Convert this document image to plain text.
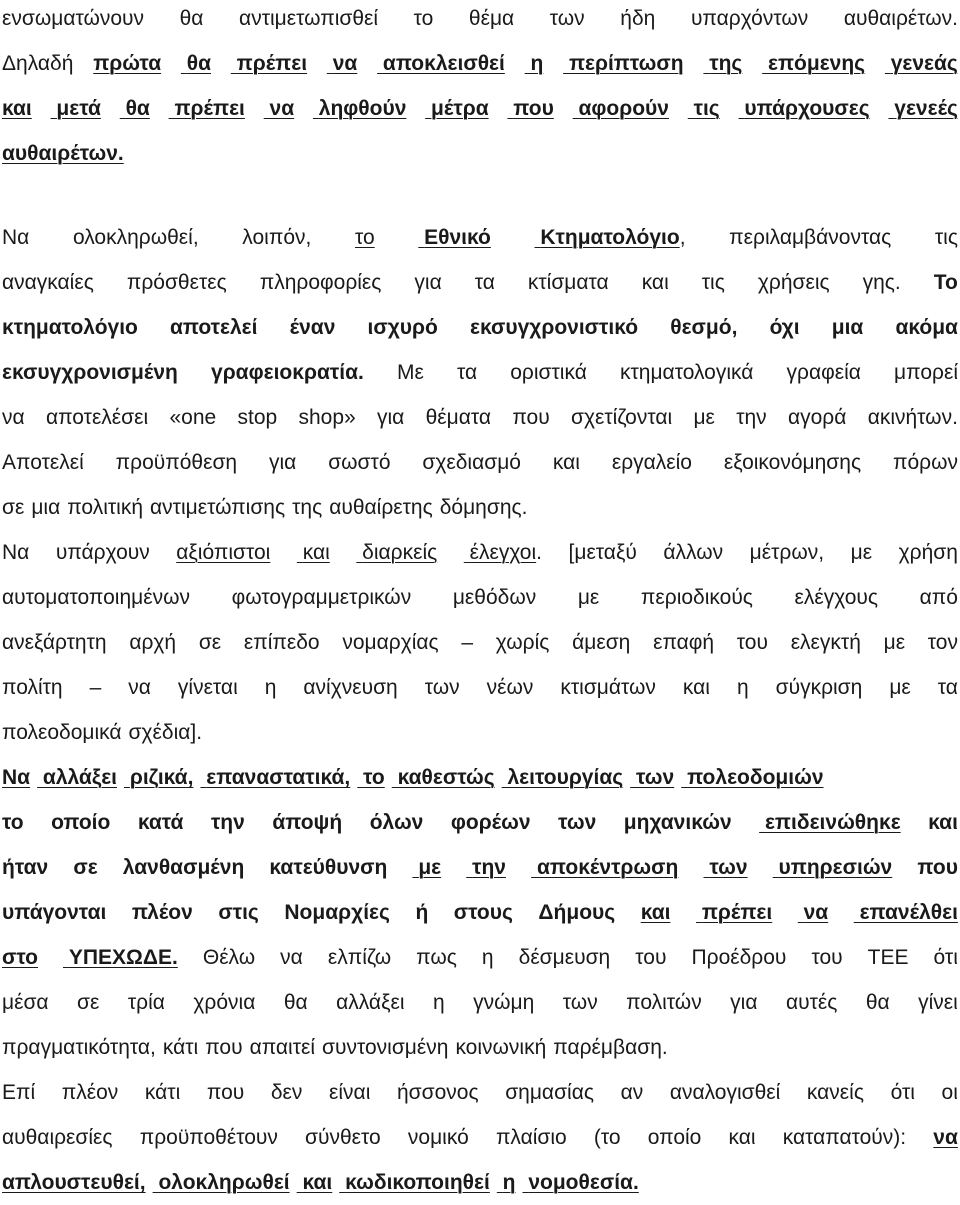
ενσωματώνουν θα αντιμετωπισθεί το θέμα των ήδη υπαρχόντων αυθαιρέτων.
Δηλαδή πρώτα θα πρέπει να αποκλεισθεί η περίπτωση της επόμενης γενεάς
και μετά θα πρέπει να ληφθούν μέτρα που αφορούν τις υπάρχουσες γενεές
αυθαιρέτων.
Να ολοκληρωθεί, λοιπόν, το Εθνικό Κτηματολόγιο, περιλαμβάνοντας τις
αναγκαίες πρόσθετες πληροφορίες για τα κτίσματα και τις χρήσεις γης. Το
κτηματολόγιο αποτελεί έναν ισχυρό εκσυγχρονιστικό θεσμό, όχι μια ακόμα
εκσυγχρονισμένη γραφειοκρατία. Με τα οριστικά κτηματολογικά γραφεία μπορεί
να αποτελέσει «one stop shop» για θέματα που σχετίζονται με την αγορά ακινήτων.
Αποτελεί προϋπόθεση για σωστό σχεδιασμό και εργαλείο εξοικονόμησης πόρων
σε μια πολιτική αντιμετώπισης της αυθαίρετης δόμησης.
Να υπάρχουν αξιόπιστοι και διαρκείς έλεγχοι. [μεταξύ άλλων μέτρων, με χρήση
αυτοματοποιημένων φωτογραμμετρικών μεθόδων με περιοδικούς ελέγχους από
ανεξάρτητη αρχή σε επίπεδο νομαρχίας – χωρίς άμεση επαφή του ελεγκτή με τον
πολίτη – να γίνεται η ανίχνευση των νέων κτισμάτων και η σύγκριση με τα
πολεοδομικά σχέδια].
Να αλλάξει ριζικά, επαναστατικά, το καθεστώς λειτουργίας των πολεοδομιών
το οποίο κατά την άποψή όλων φορέων των μηχανικών επιδεινώθηκε και
ήταν σε λανθασμένη κατεύθυνση με την αποκέντρωση των υπηρεσιών που
υπάγονται πλέον στις Νομαρχίες ή στους Δήμους και πρέπει να επανέλθει
στο ΥΠΕΧΩΔΕ. Θέλω να ελπίζω πως η δέσμευση του Προέδρου του ΤΕΕ ότι
μέσα σε τρία χρόνια θα αλλάξει η γνώμη των πολιτών για αυτές θα γίνει
πραγματικότητα, κάτι που απαιτεί συντονισμένη κοινωνική παρέμβαση.
Επί πλέον κάτι που δεν είναι ήσσονος σημασίας αν αναλογισθεί κανείς ότι οι
αυθαιρεσίες προϋποθέτουν σύνθετο νομικό πλαίσιο (το οποίο και καταπατούν): να
απλουστευθεί, ολοκληρωθεί και κωδικοποιηθεί η νομοθεσία.
